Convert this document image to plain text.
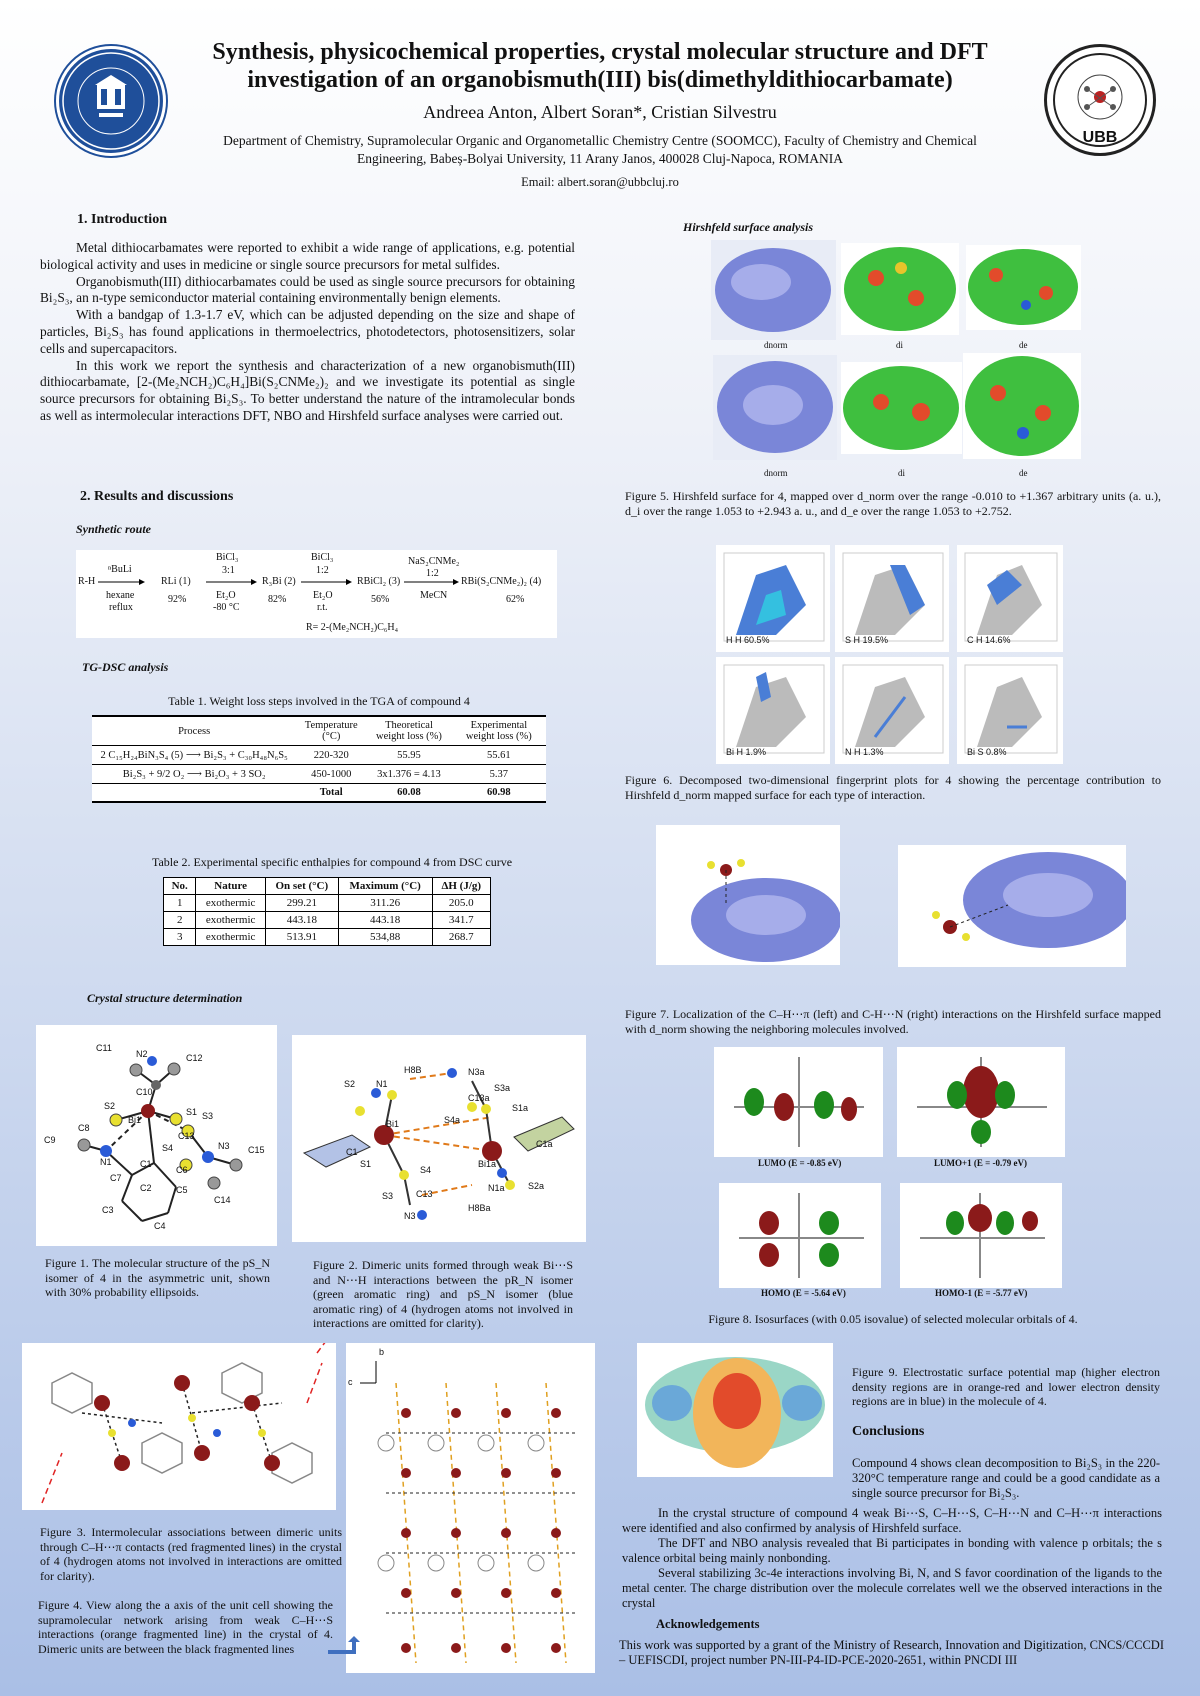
UBB
Synthesis, physicochemical properties, crystal molecular structure and DFT
investigation of an organobismuth(III) bis(dimethyldithiocarbamate)
Andreea Anton, Albert Soran*, Cristian Silvestru
Department of Chemistry, Supramolecular Organic and Organometallic Chemistry Centre (SOOMCC), Faculty of Chemistry and Chemical
Engineering, Babeș-Bolyai University, 11 Arany Janos, 400028 Cluj-Napoca, ROMANIA
Email: albert.soran@ubbcluj.ro
1. Introduction

Metal dithiocarbamates were reported to exhibit a wide range of applications, e.g. potential biological activity and uses in medicine or single source precursors for metal sulfides.

Organobismuth(III) dithiocarbamates could be used as single source precursors for obtaining Bi₂S₃, an n-type semiconductor material containing environmentally benign elements.

With a bandgap of 1.3-1.7 eV, which can be adjusted depending on the size and shape of particles, Bi₂S₃ has found applications in thermoelectrics, photodetectors, photosensitizers, solar cells and supercapacitors.

In this work we report the synthesis and characterization of a new organobismuth(III) dithiocarbamate, [2-(Me₂NCH₂)C₆H₄]Bi(S₂CNMe₂)₂ and we investigate its potential as single source precursors for obtaining Bi₂S₃. To better understand the nature of the intramolecular bonds as well as intermolecular interactions DFT, NBO and Hirshfeld surface analyses were carried out.

2. Results and discussions
Synthetic route
R-H
ⁿBuLi
hexane
reflux
RLi (1)
92%
BiCl₃
3:1
Et₂O
-80 °C
R₃Bi (2)
82%
BiCl₃
1:2
Et₂O
r.t.
RBiCl₂ (3)
56%
NaS₂CNMe₂
1:2
MeCN
RBi(S₂CNMe₂)₂ (4)
62%
R= 2-(Me₂NCH₂)C₆H₄
TG-DSC analysis
Table 1. Weight loss steps involved in the TGA of compound 4
Process	Temperature (°C)	Theoretical weight loss (%)	Experimental weight loss (%)
2 C₁₅H₂₄BiN₃S₄ (5) ⟶ Bi₂S₃ + C₃₀H₄₈N₆S₅	220-320	55.95	55.61
Bi₂S₃ + 9/2 O₂ ⟶ Bi₂O₃ + 3 SO₂	450-1000	3x1.376 = 4.13	5.37
	Total	60.08	60.98
Table 2. Experimental specific enthalpies for compound 4 from DSC curve
No.	Nature	On set (°C)	Maximum (°C)	ΔH (J/g)
1	exothermic	299.21	311.26	205.0
2	exothermic	443.18	443.18	341.7
3	exothermic	513.91	534,88	268.7
Crystal structure determination
C11
N2	C12
C10
S2
S1 S3
Bi1
C8
C9
N1
C13
N3 C15
C1
S4
C6
C7
C2	C5
C14
C3
C4
Figure 1. The molecular structure of the pS_N isomer of 4 in the asymmetric unit, shown with 30% probability ellipsoids.
H8B	N3a
S2 N1	S3a
C13a
Bi1	S4a
S1a
C1
S1
S4
Bi1a
C1a
N1a	S2a
C13
S3
H8Ba
N3
Figure 2. Dimeric units formed through weak Bi⋯S and N⋯H interactions between the pR_N isomer (green aromatic ring) and pS_N isomer (blue aromatic ring) of 4 (hydrogen atoms not involved in interactions are omitted for clarity).
Figure 3. Intermolecular associations between dimeric units through C–H⋯π contacts (red fragmented lines) in the crystal of 4 (hydrogen atoms not involved in interactions are omitted for clarity).
b
c
Figure 4. View along the a axis of the unit cell showing the supramolecular network arising from weak C–H⋯S interactions (orange fragmented line) in the crystal of 4. Dimeric units are between the black fragmented lines
Hirshfeld surface analysis
dnorm	di	de
dnorm	di	de
Figure 5. Hirshfeld surface for 4, mapped over d_norm over the range -0.010 to +1.367 arbitrary units (a. u.), d_i over the range 1.053 to +2.943 a. u., and d_e over the range 1.053 to +2.752.
H H 60.5%	S H 19.5%	C H 14.6%
Bi H 1.9%	N H 1.3%	Bi S 0.8%
Figure 6. Decomposed two-dimensional fingerprint plots for 4 showing the percentage contribution to Hirshfeld d_norm mapped surface for each type of interaction.
Figure 7. Localization of the C–H⋯π (left) and C-H⋯N (right) interactions on the Hirshfeld surface mapped with d_norm showing the neighboring molecules involved.
LUMO (E = -0.85 eV)	LUMO+1 (E = -0.79 eV)
HOMO (E = -5.64 eV)	HOMO-1 (E = -5.77 eV)
Figure 8. Isosurfaces (with 0.05 isovalue) of selected molecular orbitals of 4.
Figure 9. Electrostatic surface potential map (higher electron density regions are in orange-red and lower electron density regions are in blue) in the molecule of 4.
Conclusions
Compound 4 shows clean decomposition to Bi₂S₃ in the 220-320°C temperature range and could be a good candidate as a single source precursor for Bi₂S₃.

In the crystal structure of compound 4 weak Bi⋯S, C–H⋯S, C–H⋯N and C–H⋯π interactions were identified and also confirmed by analysis of Hirshfeld surface.

The DFT and NBO analysis revealed that Bi participates in bonding with valence p orbitals; the s valence orbital being mainly nonbonding.

Several stabilizing 3c-4e interactions involving Bi, N, and S favor coordination of the ligands to the metal center. The charge distribution over the molecule correlates well we the observed interactions in the crystal

Acknowledgements
This work was supported by a grant of the Ministry of Research, Innovation and Digitization, CNCS/CCCDI – UEFISCDI, project number PN-III-P4-ID-PCE-2020-2651, within PNCDI III
